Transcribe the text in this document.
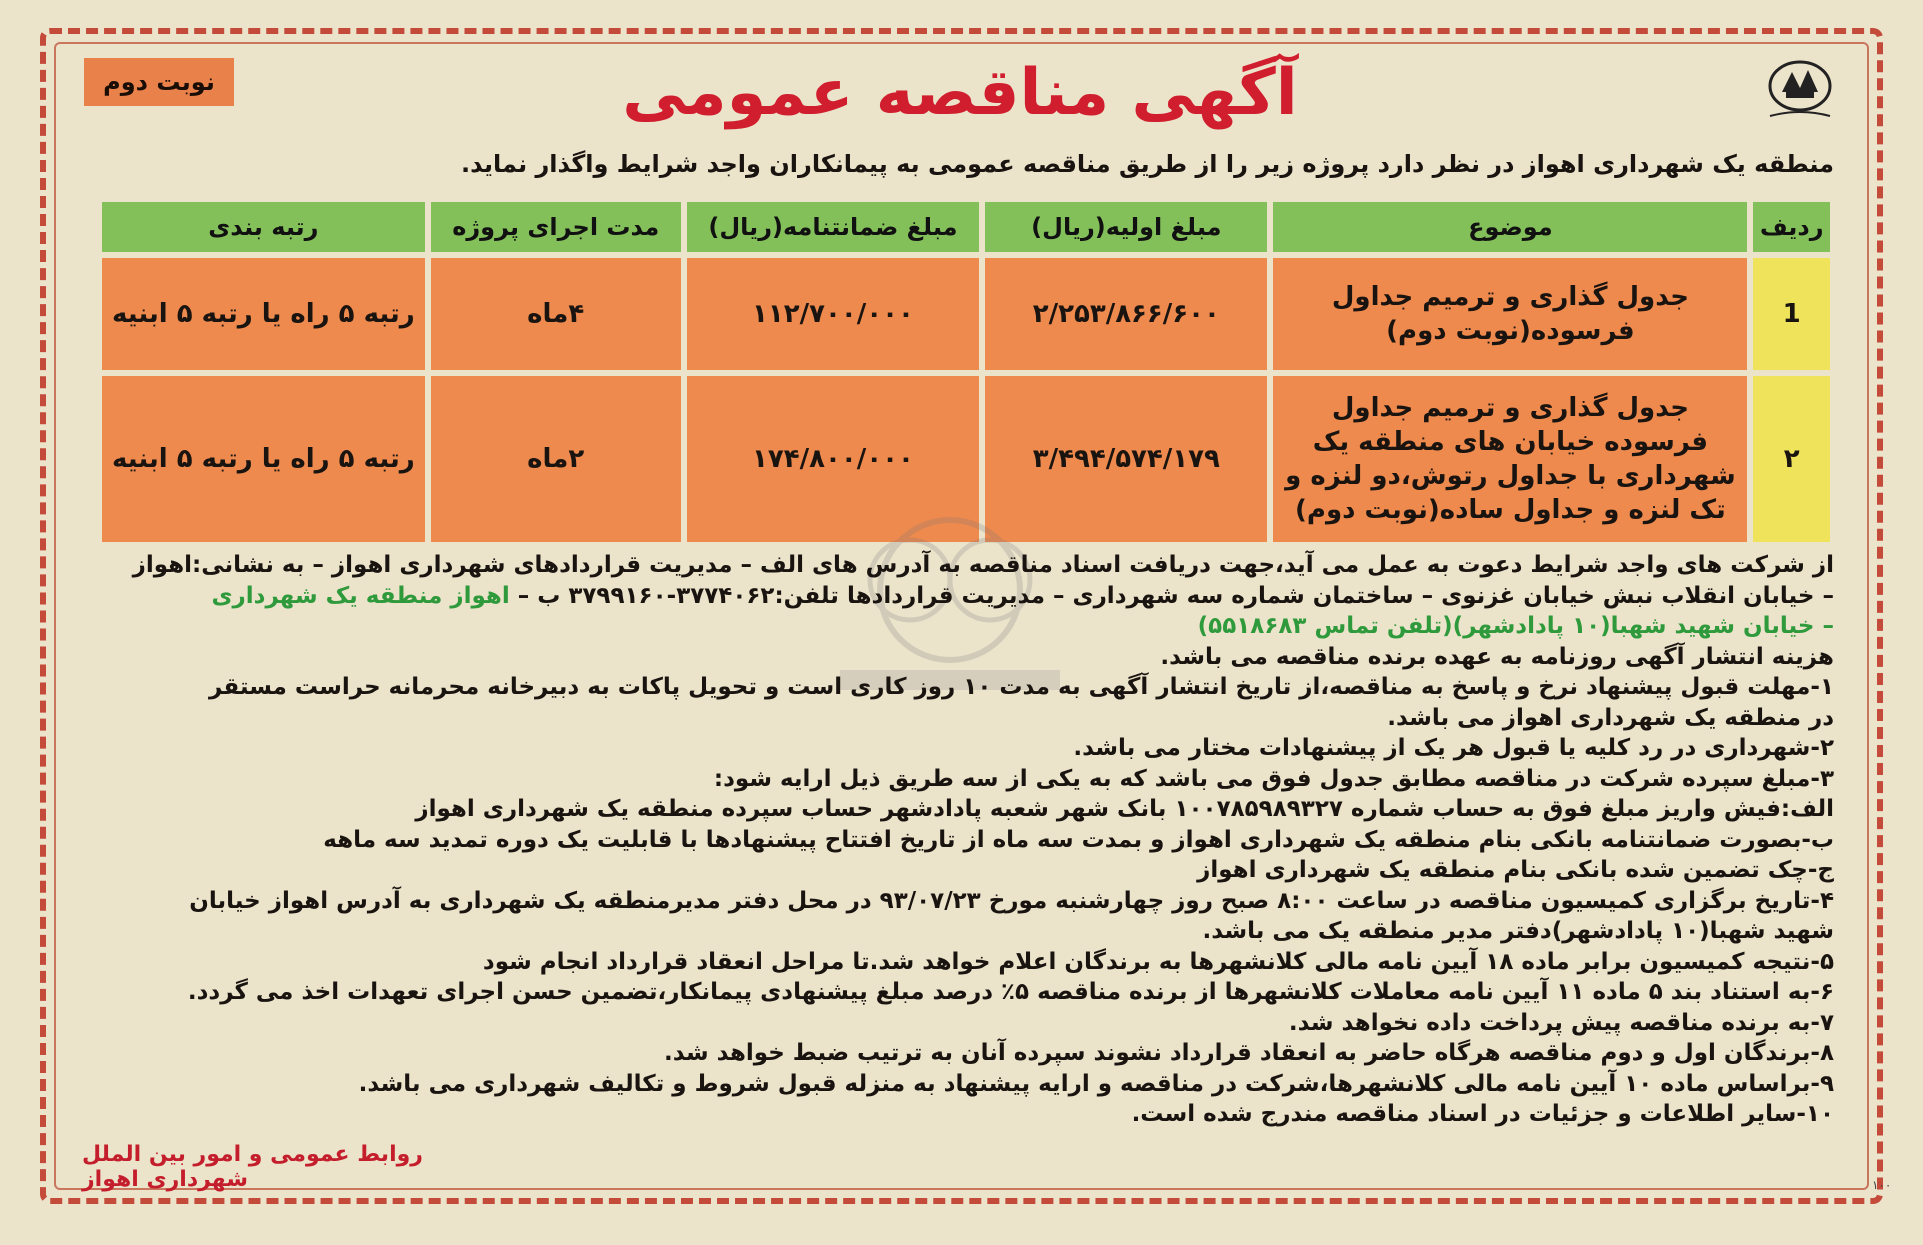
نوبت دوم	آگهی مناقصه عمومی
منطقه یک شهرداری اهواز در نظر دارد پروژه زیر را از طریق مناقصه عمومی به پیمانکاران واجد شرایط واگذار نماید.
ردیف	موضوع	مبلغ اولیه(ریال)	مبلغ ضمانتنامه(ریال)	مدت اجرای پروژه	رتبه بندی
1	جدول گذاری و ترمیم جداول فرسوده(نوبت دوم)	۲/۲۵۳/۸۶۶/۶۰۰	۱۱۲/۷۰۰/۰۰۰	۴ماه	رتبه ۵ راه یا رتبه ۵ ابنیه
۲	جدول گذاری و ترمیم جداول فرسوده خیابان های منطقه یک شهرداری با جداول رتوش،دو لنزه و تک لنزه و جداول ساده(نوبت دوم)	۳/۴۹۴/۵۷۴/۱۷۹	۱۷۴/۸۰۰/۰۰۰	۲ماه	رتبه ۵ راه یا رتبه ۵ ابنیه

از شرکت های واجد شرایط دعوت به عمل می آید،جهت دریافت اسناد مناقصه به آدرس های الف – مدیریت قراردادهای شهرداری اهواز – به نشانی:اهواز

– خیابان انقلاب نبش خیابان غزنوی – ساختمان شماره سه شهرداری – مدیریت قراردادها تلفن:۳۷۷۴۰۶۲-۳۷۹۹۱۶۰ ب – اهواز منطقه یک شهرداری

– خیابان شهید شهبا(۱۰ پادادشهر)(تلفن تماس ۵۵۱۸۶۸۳)

هزینه انتشار آگهی روزنامه به عهده برنده مناقصه می باشد.

۱-مهلت قبول پیشنهاد نرخ و پاسخ به مناقصه،از تاریخ انتشار آگهی به مدت ۱۰ روز کاری است و تحویل پاکات به دبیرخانه محرمانه حراست مستقر

در منطقه یک شهرداری اهواز می باشد.

۲-شهرداری در رد کلیه یا قبول هر یک از پیشنهادات مختار می باشد.

۳-مبلغ سپرده شرکت در مناقصه مطابق جدول فوق می باشد که به یکی از سه طریق ذیل ارایه شود:

الف:فیش واریز مبلغ فوق به حساب شماره ۱۰۰۷۸۵۹۸۹۳۲۷ بانک شهر شعبه پادادشهر حساب سپرده منطقه یک شهرداری اهواز

ب-بصورت ضمانتنامه بانکی بنام منطقه یک شهرداری اهواز و بمدت سه ماه از تاریخ افتتاح پیشنهادها با قابلیت یک دوره تمدید سه ماهه

ج-چک تضمین شده بانکی بنام منطقه یک شهرداری اهواز

۴-تاریخ برگزاری کمیسیون مناقصه در ساعت ۸:۰۰ صبح روز چهارشنبه مورخ ۹۳/۰۷/۲۳ در محل دفتر مدیرمنطقه یک شهرداری به آدرس اهواز خیابان

شهید شهبا(۱۰ پادادشهر)دفتر مدیر منطقه یک می باشد.

۵-نتیجه کمیسیون برابر ماده ۱۸ آیین نامه مالی کلانشهرها به برندگان اعلام خواهد شد.تا مراحل انعقاد قرارداد انجام شود

۶-به استناد بند ۵ ماده ۱۱ آیین نامه معاملات کلانشهرها از برنده مناقصه ۵٪ درصد مبلغ پیشنهادی پیمانکار،تضمین حسن اجرای تعهدات اخذ می گردد.

۷-به برنده مناقصه پیش پرداخت داده نخواهد شد.

۸-برندگان اول و دوم مناقصه هرگاه حاضر به انعقاد قرارداد نشوند سپرده آنان به ترتیب ضبط خواهد شد.

۹-براساس ماده ۱۰ آیین نامه مالی کلانشهرها،شرکت در مناقصه و ارایه پیشنهاد به منزله قبول شروط و تکالیف شهرداری می باشد.

۱۰-سایر اطلاعات و جزئیات در اسناد مناقصه مندرج شده است.

روابط عمومی و امور بین الملل شهرداری اهواز	۱۰۰
